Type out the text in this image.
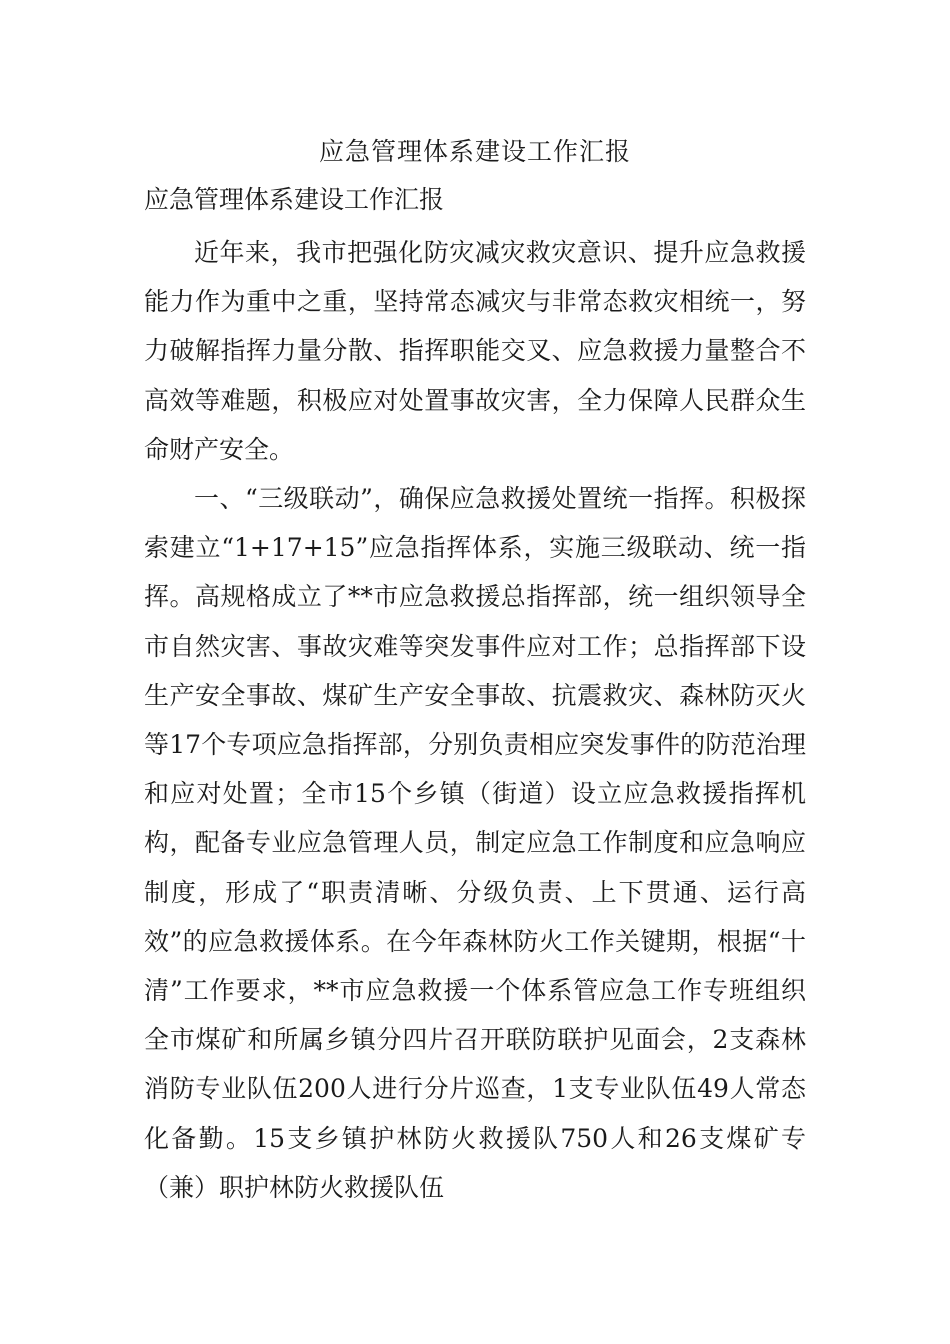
应急管理体系建设工作汇报
应急管理体系建设工作汇报

近年来，我市把强化防灾减灾救灾意识、提升应急救援能力作为重中之重，坚持常态减灾与非常态救灾相统一，努力破解指挥力量分散、指挥职能交叉、应急救援力量整合不高效等难题，积极应对处置事故灾害，全力保障人民群众生命财产安全。

一、“三级联动”，确保应急救援处置统一指挥。积极探索建立“1+17+15”应急指挥体系，实施三级联动、统一指挥。高规格成立了**市应急救援总指挥部，统一组织领导全市自然灾害、事故灾难等突发事件应对工作；总指挥部下设生产安全事故、煤矿生产安全事故、抗震救灾、森林防灭火等17个专项应急指挥部，分别负责相应突发事件的防范治理和应对处置；全市15个乡镇（街道）设立应急救援指挥机构，配备专业应急管理人员，制定应急工作制度和应急响应制度，形成了“职责清晰、分级负责、上下贯通、运行高效”的应急救援体系。在今年森林防火工作关键期，根据“十清”工作要求，**市应急救援一个体系管应急工作专班组织全市煤矿和所属乡镇分四片召开联防联护见面会，2支森林消防专业队伍200人进行分片巡查，1支专业队伍49人常态化备勤。15支乡镇护林防火救援队750人和26支煤矿专（兼）职护林防火救援队伍
